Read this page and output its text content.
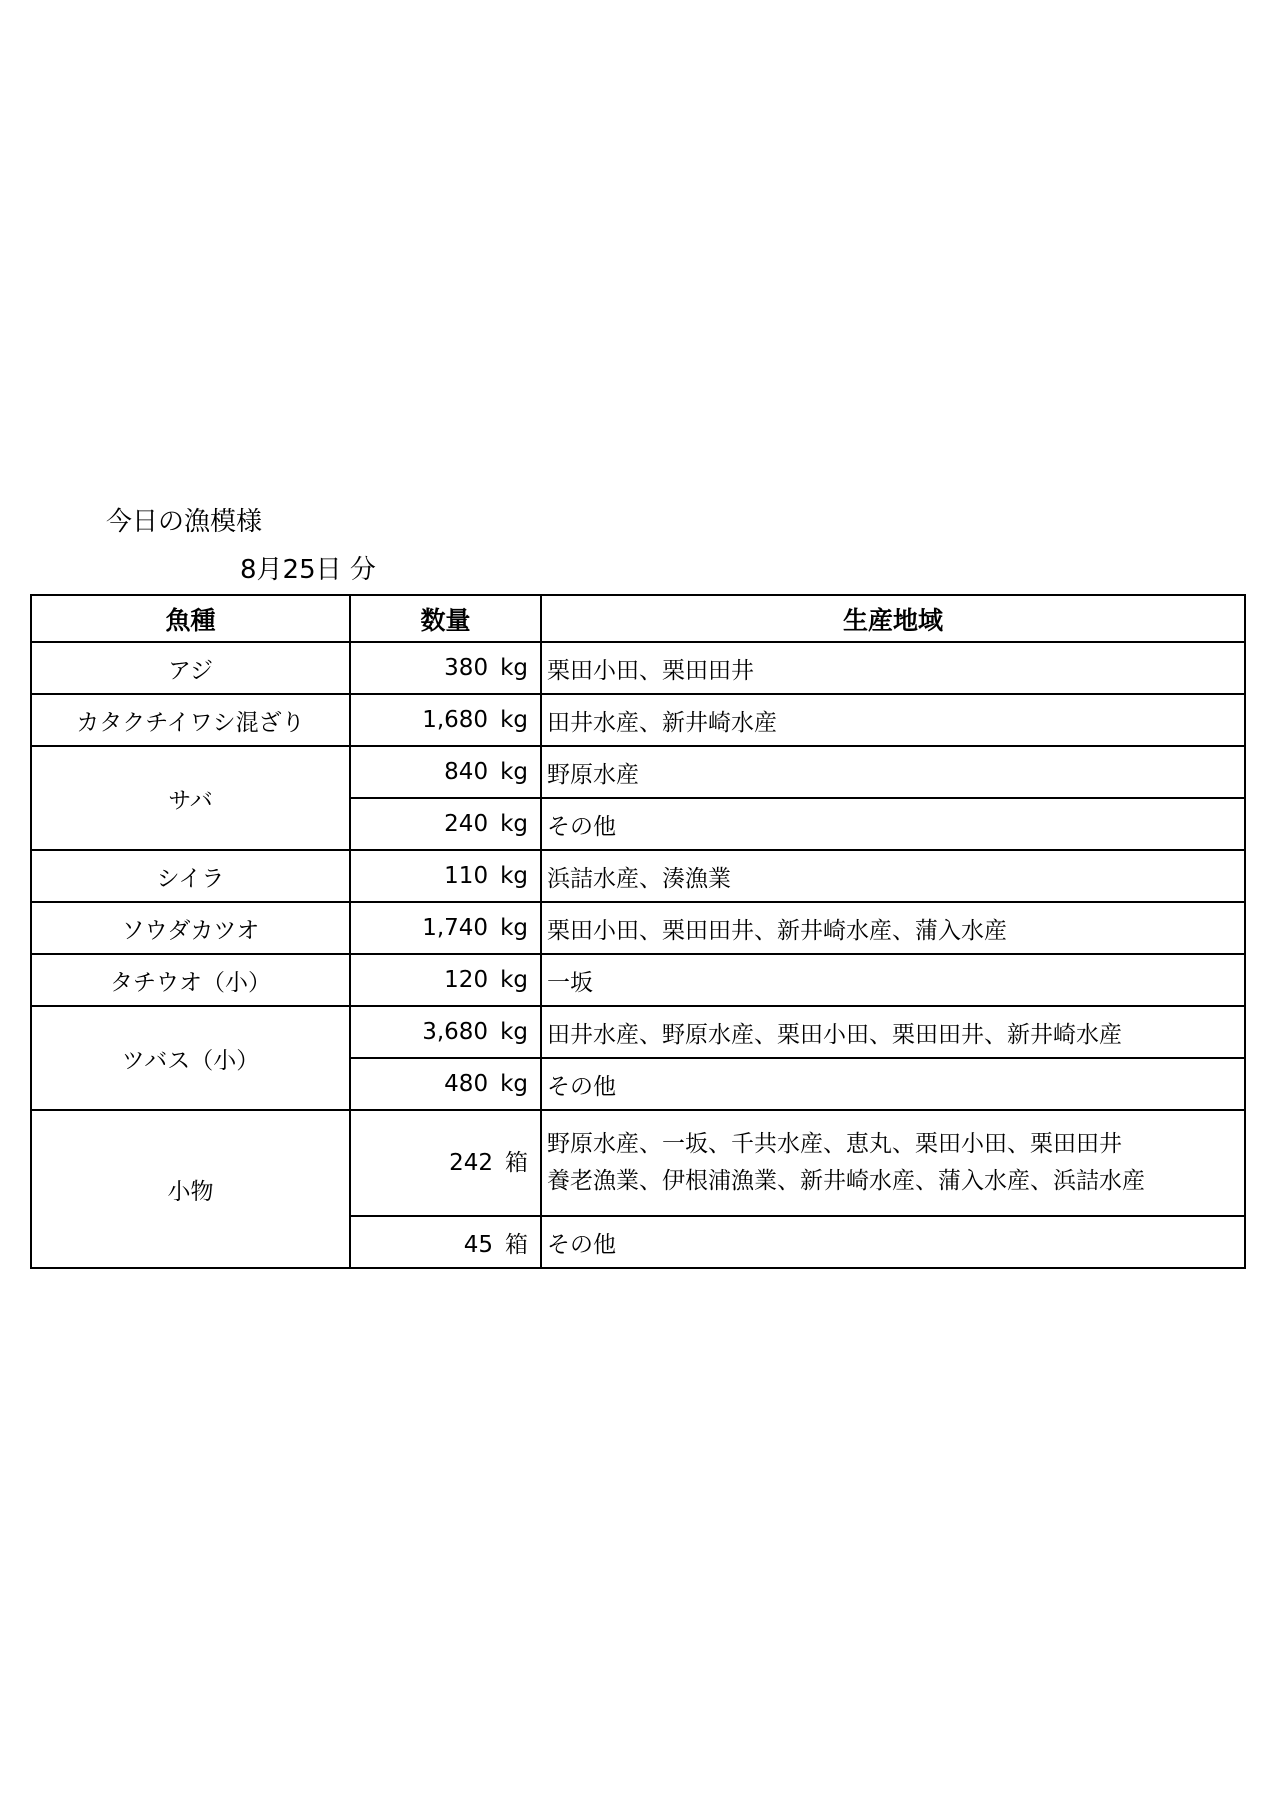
今日の漁模様
8月25日 分
魚種	数量	生産地域
アジ	380 kg	栗田小田、栗田田井
カタクチイワシ混ざり	1,680 kg	田井水産、新井崎水産
サバ	840 kg	野原水産
	240 kg	その他
シイラ	110 kg	浜詰水産、湊漁業
ソウダカツオ	1,740 kg	栗田小田、栗田田井、新井崎水産、蒲入水産
タチウオ（小）	120 kg	一坂
ツバス（小）	3,680 kg	田井水産、野原水産、栗田小田、栗田田井、新井崎水産
	480 kg	その他
小物	242 箱	野原水産、一坂、千共水産、恵丸、栗田小田、栗田田井
養老漁業、伊根浦漁業、新井崎水産、蒲入水産、浜詰水産

	45 箱	その他
